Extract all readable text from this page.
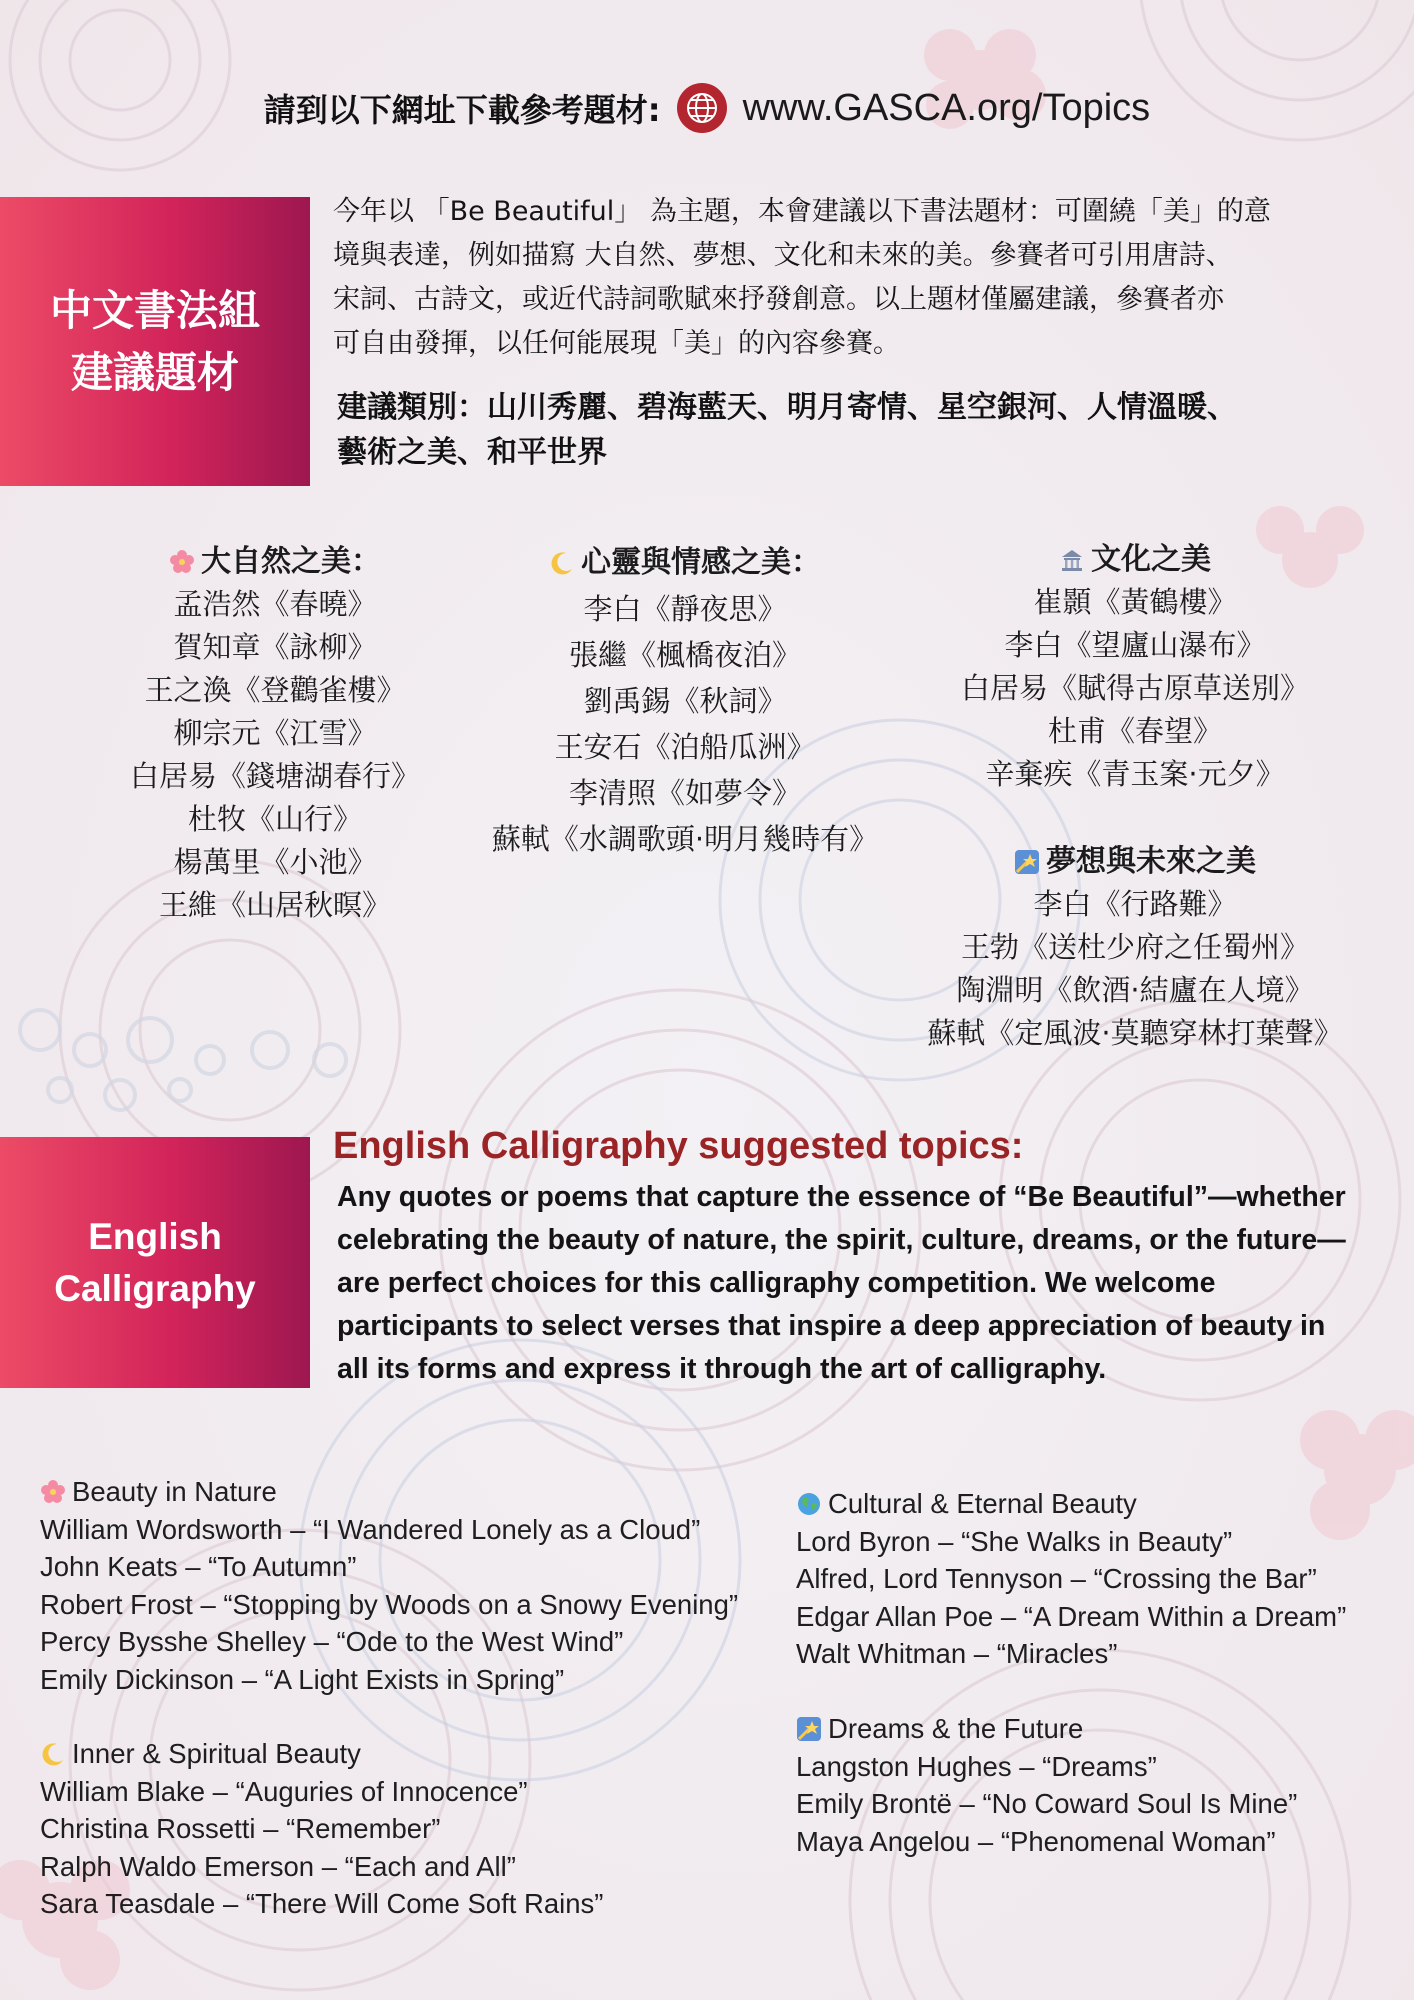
請到以下網址下載參考題材: www.GASCA.org/Topics
中文書法組
建議題材
今年以 「Be Beautiful」 為主題，本會建議以下書法題材：可圍繞「美」的意
境與表達，例如描寫 大自然、夢想、文化和未來的美。參賽者可引用唐詩、
宋詞、古詩文，或近代詩詞歌賦來抒發創意。以上題材僅屬建議，參賽者亦
可自由發揮，以任何能展現「美」的內容參賽。
建議類別：山川秀麗、碧海藍天、明月寄情、星空銀河、人情溫暖、
藝術之美、和平世界
大自然之美：
孟浩然《春曉》
賀知章《詠柳》
王之渙《登鸛雀樓》
柳宗元《江雪》
白居易《錢塘湖春行》
杜牧《山行》
楊萬里《小池》
王維《山居秋暝》
心靈與情感之美：
李白《靜夜思》
張繼《楓橋夜泊》
劉禹錫《秋詞》
王安石《泊船瓜洲》
李清照《如夢令》
蘇軾《水調歌頭·明月幾時有》
文化之美
崔顥《黃鶴樓》
李白《望廬山瀑布》
白居易《賦得古原草送別》
杜甫《春望》
辛棄疾《青玉案·元夕》
夢想與未來之美
李白《行路難》
王勃《送杜少府之任蜀州》
陶淵明《飲酒·結廬在人境》
蘇軾《定風波·莫聽穿林打葉聲》
English
Calligraphy
English Calligraphy suggested topics:
Any quotes or poems that capture the essence of “Be Beautiful”—whether
celebrating the beauty of nature, the spirit, culture, dreams, or the future—
are perfect choices for this calligraphy competition. We welcome
participants to select verses that inspire a deep appreciation of beauty in
all its forms and express it through the art of calligraphy.
Beauty in Nature
William Wordsworth – “I Wandered Lonely as a Cloud”
John Keats – “To Autumn”
Robert Frost – “Stopping by Woods on a Snowy Evening”
Percy Bysshe Shelley – “Ode to the West Wind”
Emily Dickinson – “A Light Exists in Spring”
Inner & Spiritual Beauty
William Blake – “Auguries of Innocence”
Christina Rossetti – “Remember”
Ralph Waldo Emerson – “Each and All”
Sara Teasdale – “There Will Come Soft Rains”
Cultural & Eternal Beauty
Lord Byron – “She Walks in Beauty”
Alfred, Lord Tennyson – “Crossing the Bar”
Edgar Allan Poe – “A Dream Within a Dream”
Walt Whitman – “Miracles”
Dreams & the Future
Langston Hughes – “Dreams”
Emily Brontë – “No Coward Soul Is Mine”
Maya Angelou – “Phenomenal Woman”
